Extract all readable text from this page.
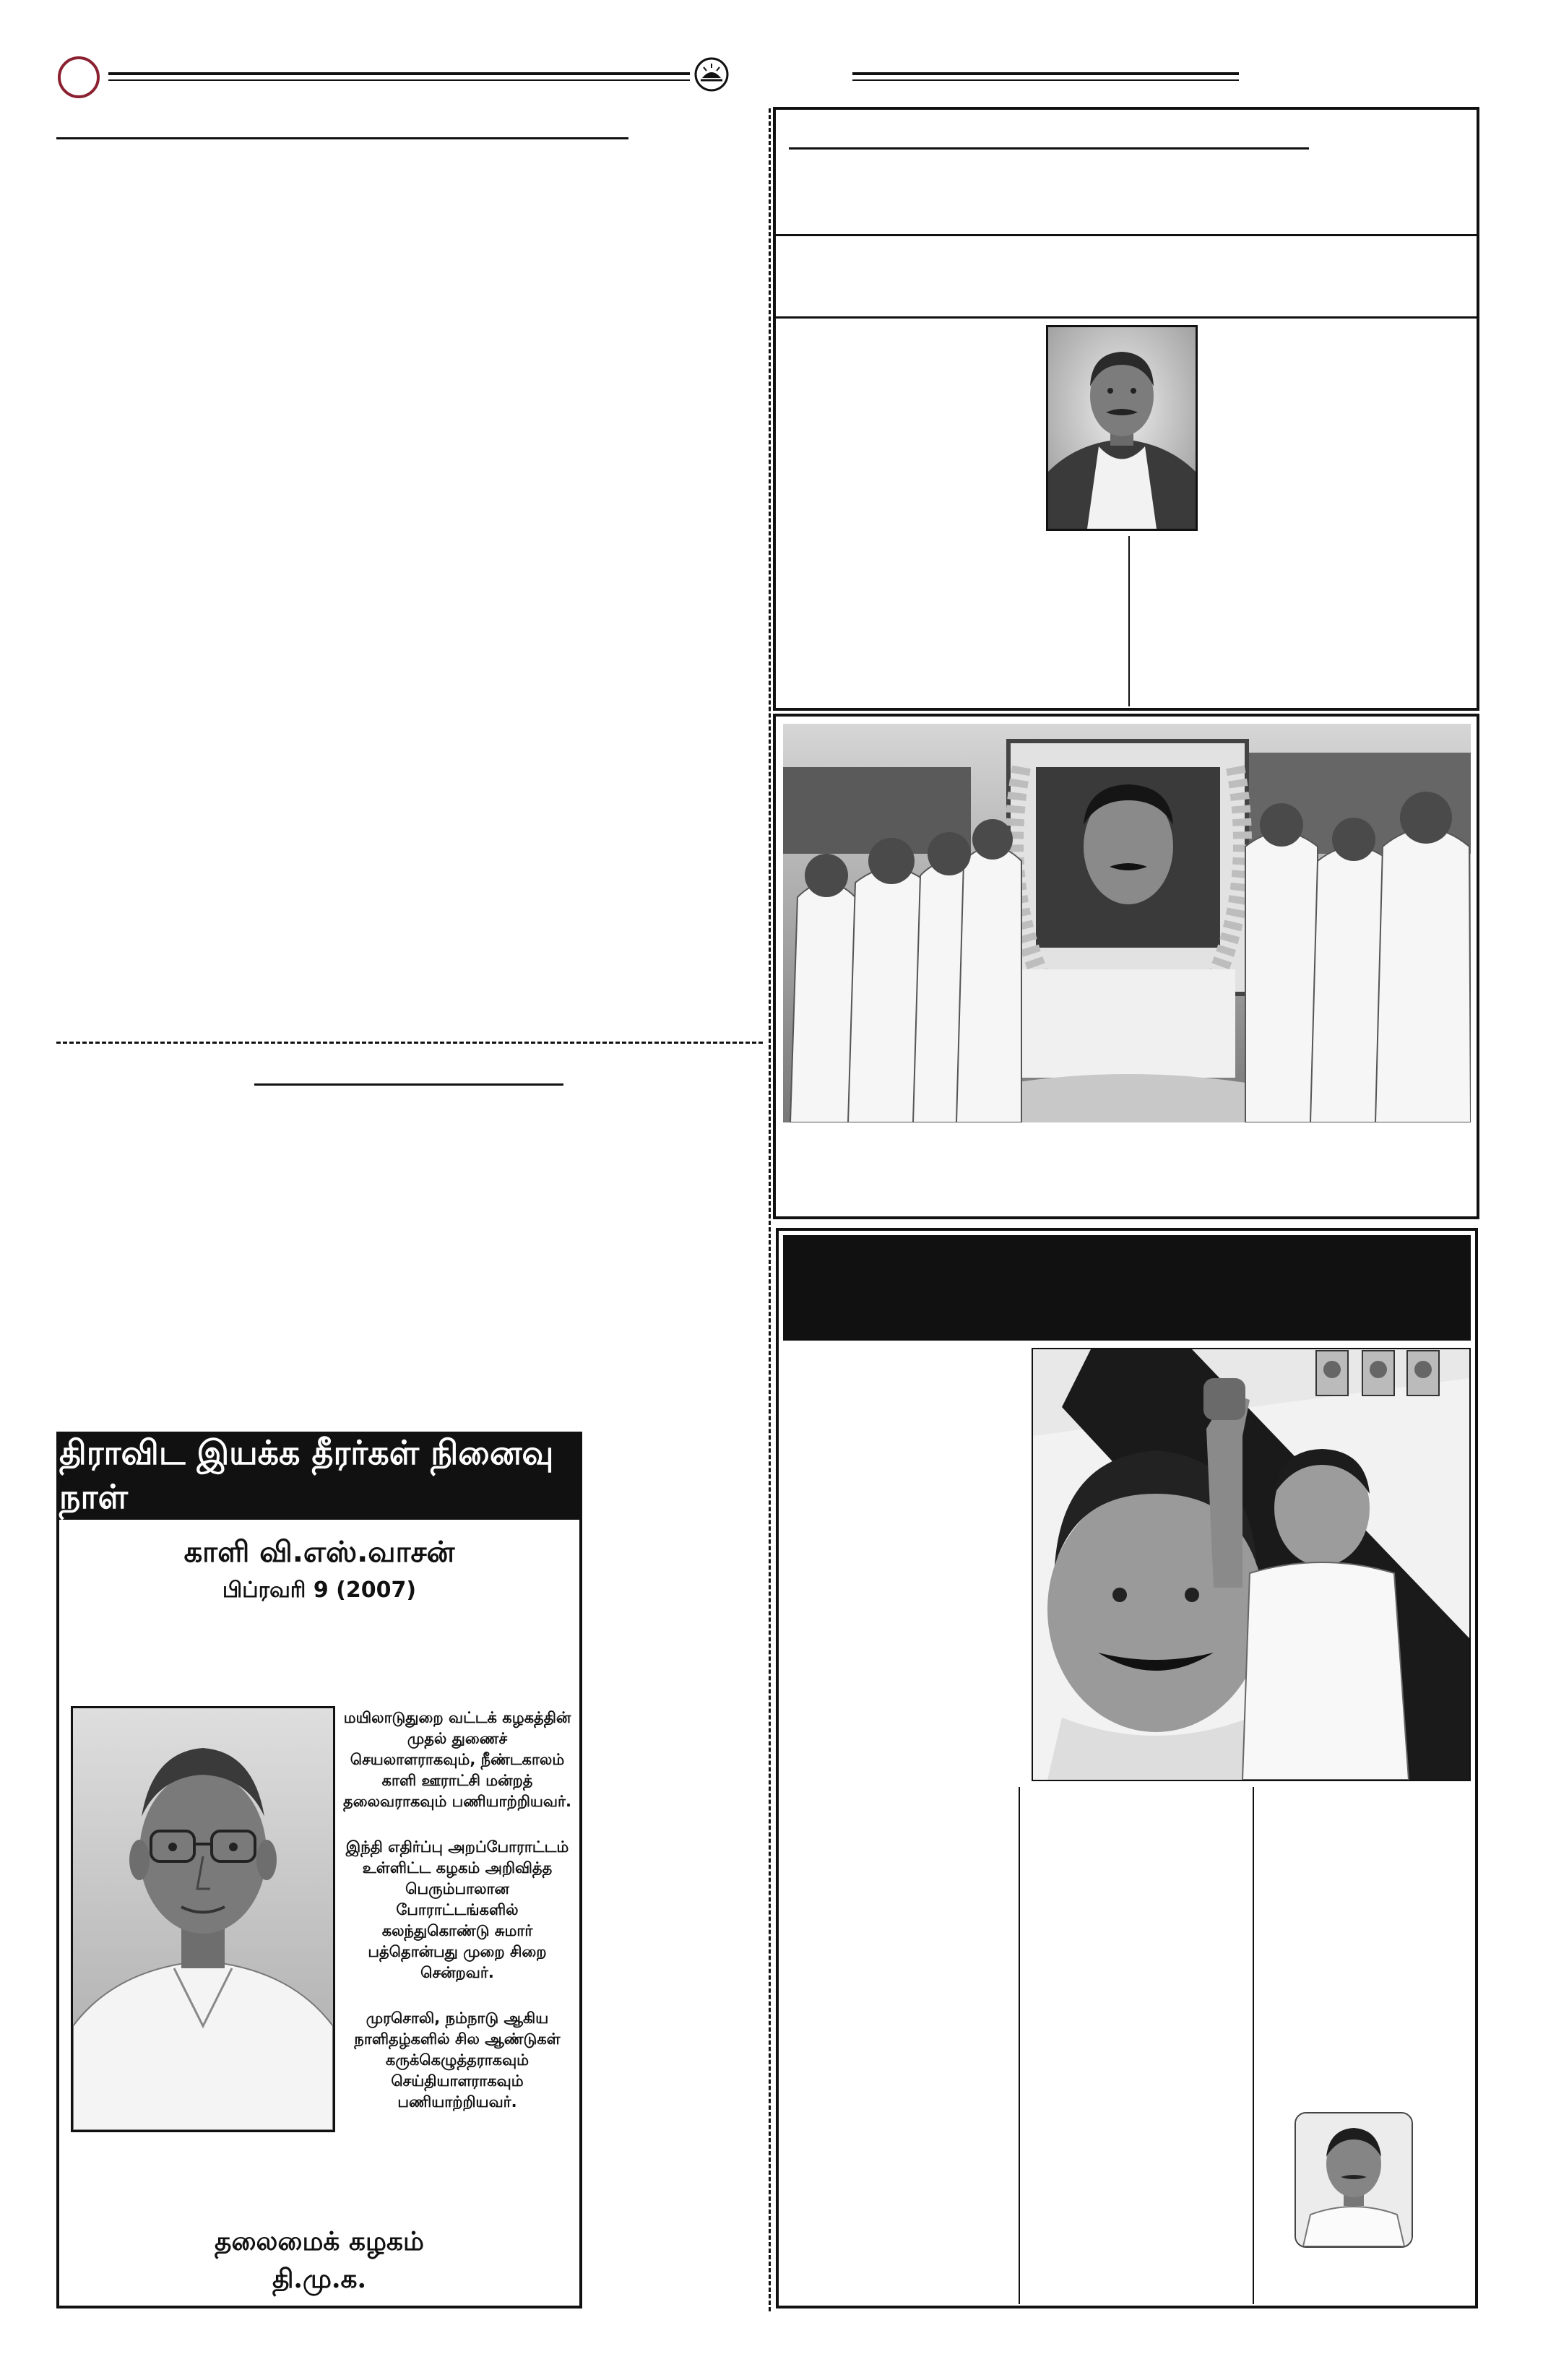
திராவிட இயக்க தீரர்கள் நினைவு நாள்
காளி வி.எஸ்.வாசன்
பிப்ரவரி 9 (2007)

மயிலாடுதுறை வட்டக் கழகத்தின் முதல் துணைச் செயலாளராகவும், நீண்டகாலம் காளி ஊராட்சி மன்றத் தலைவராகவும் பணியாற்றியவர்.

இந்தி எதிர்ப்பு அறப்போராட்டம் உள்ளிட்ட கழகம் அறிவித்த பெரும்பாலான போராட்டங்களில் கலந்துகொண்டு சுமார் பத்தொன்பது முறை சிறை சென்றவர்.

முரசொலி, நம்நாடு ஆகிய நாளிதழ்களில் சில ஆண்டுகள் கருக்கெழுத்தராகவும் செய்தியாளராகவும் பணியாற்றியவர்.

தலைமைக் கழகம்
தி.மு.க.
